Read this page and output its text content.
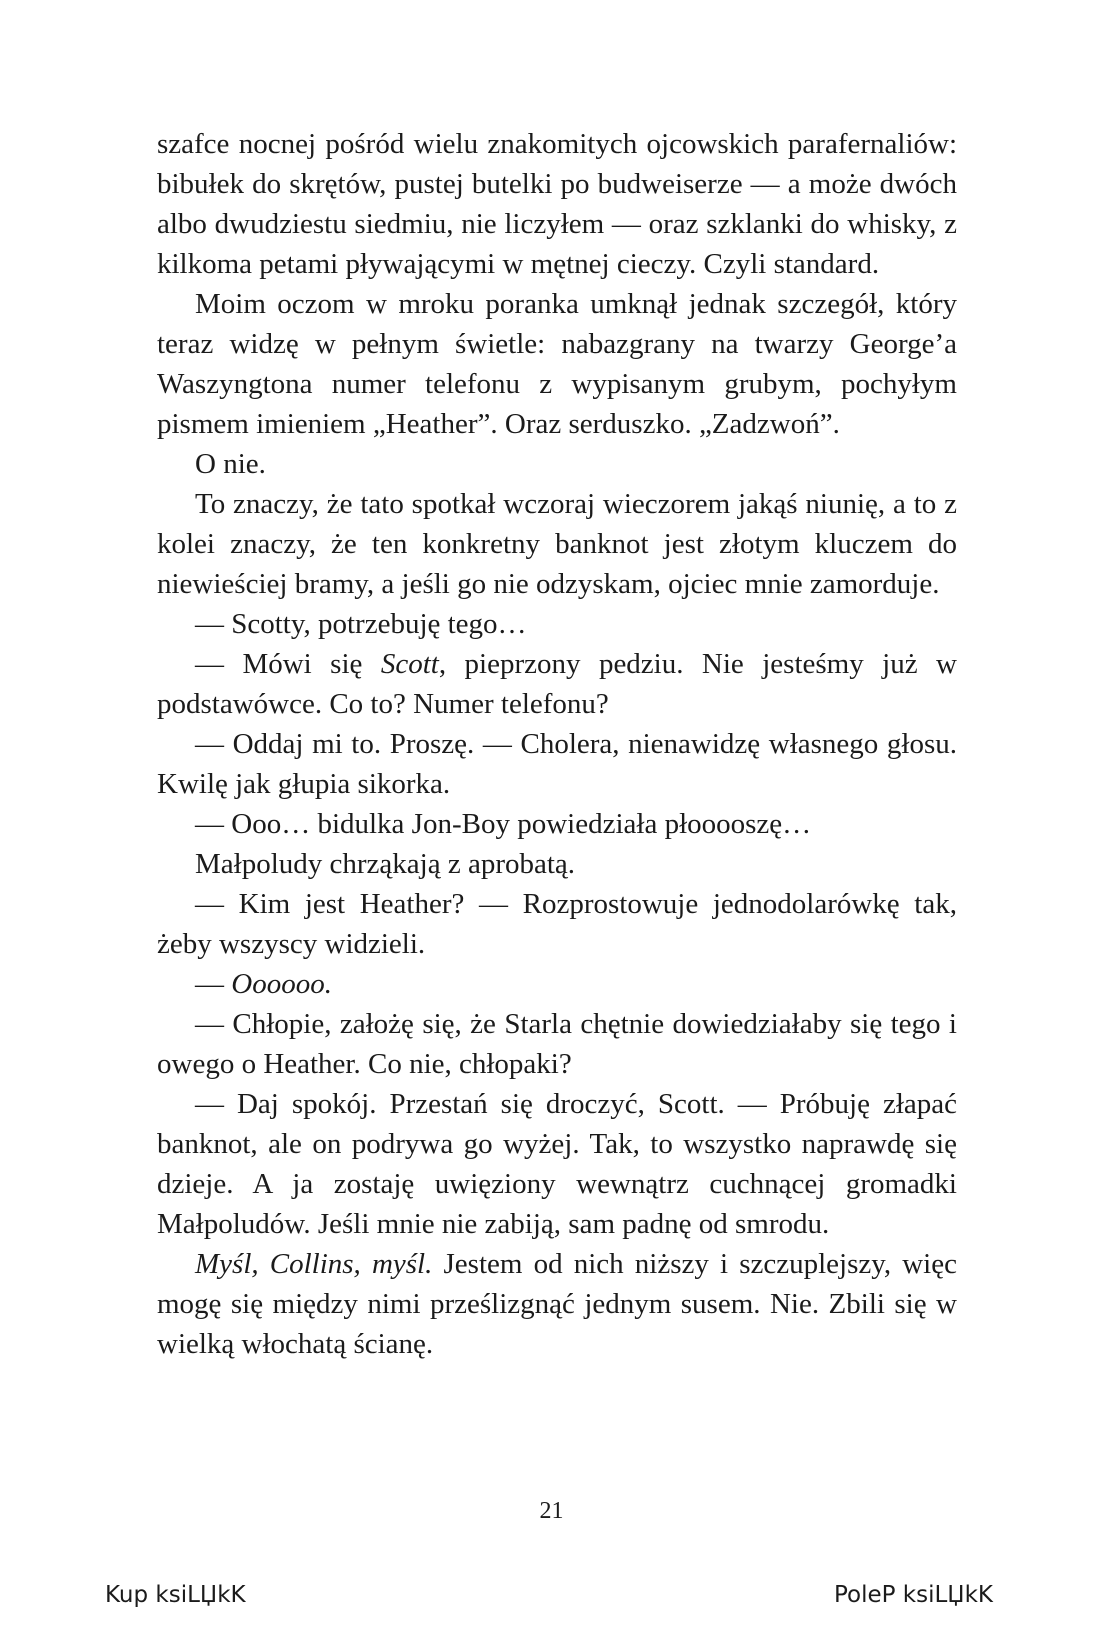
szafce nocnej pośród wielu znakomitych ojcowskich parafernaliów: bibułek do skrętów, pustej butelki po budweiserze — a może dwóch albo dwudziestu siedmiu, nie liczyłem — oraz szklanki do whisky, z kilkoma petami pływającymi w mętnej cieczy. Czyli standard.

Moim oczom w mroku poranka umknął jednak szczegół, który teraz widzę w pełnym świetle: nabazgrany na twarzy George’a Waszyngtona numer telefonu z wypisanym grubym, pochyłym pismem imieniem „Heather”. Oraz serduszko. „Zadzwoń”.

O nie.

To znaczy, że tato spotkał wczoraj wieczorem jakąś niunię, a to z kolei znaczy, że ten konkretny banknot jest złotym kluczem do niewieściej bramy, a jeśli go nie odzyskam, ojciec mnie zamorduje.

— Scotty, potrzebuję tego…

— Mówi się Scott, pieprzony pedziu. Nie jesteśmy już w podstawówce. Co to? Numer telefonu?

— Oddaj mi to. Proszę. — Cholera, nienawidzę własnego głosu. Kwilę jak głupia sikorka.

— Ooo… bidulka Jon-Boy powiedziała płooooszę…

Małpoludy chrząkają z aprobatą.

— Kim jest Heather? — Rozprostowuje jednodolarówkę tak, żeby wszyscy widzieli.

— Oooooo.

— Chłopie, założę się, że Starla chętnie dowiedziałaby się tego i owego o Heather. Co nie, chłopaki?

— Daj spokój. Przestań się droczyć, Scott. — Próbuję złapać banknot, ale on podrywa go wyżej. Tak, to wszystko naprawdę się dzieje. A ja zostaję uwięziony wewnątrz cuchnącej gromadki Małpoludów. Jeśli mnie nie zabiją, sam padnę od smrodu.

Myśl, Collins, myśl. Jestem od nich niższy i szczuplejszy, więc mogę się między nimi prześlizgnąć jednym susem. Nie. Zbili się w wielką włochatą ścianę.

21
Kup ksiLЏkK	PoleP ksiLЏkK
